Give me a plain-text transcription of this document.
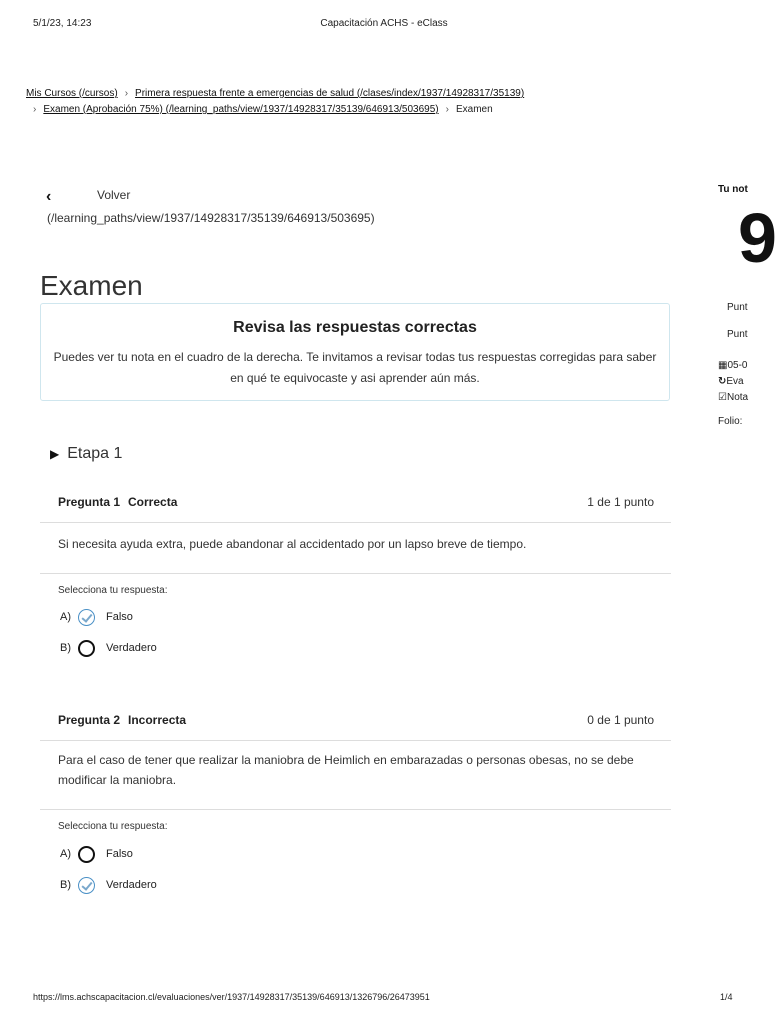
5/1/23, 14:23	Capacitación ACHS - eClass
Mis Cursos (/cursos) › Primera respuesta frente a emergencias de salud (/clases/index/1937/14928317/35139)
› Examen (Aprobación 75%) (/learning_paths/view/1937/14928317/35139/646913/503695) › Examen
‹	Volver
(/learning_paths/view/1937/14928317/35139/646913/503695)
Examen
Revisa las respuestas correctas
Puedes ver tu nota en el cuadro de la derecha. Te invitamos a revisar todas tus respuestas corregidas para saber en qué te equivocaste y asi aprender aún más.
▶ Etapa 1
Pregunta 1 Correcta	1 de 1 punto
Si necesita ayuda extra, puede abandonar al accidentado por un lapso breve de tiempo.
Selecciona tu respuesta:
A)	Falso
B)	Verdadero
Pregunta 2 Incorrecta	0 de 1 punto
Para el caso de tener que realizar la maniobra de Heimlich en embarazadas o personas obesas, no se debe modificar la maniobra.
Selecciona tu respuesta:
A)	Falso
B)	Verdadero
Tu not
9
Punt
Punt
▦05-0
↻Eva
☑Nota
Folio:
https://lms.achscapacitacion.cl/evaluaciones/ver/1937/14928317/35139/646913/1326796/26473951	1/4
